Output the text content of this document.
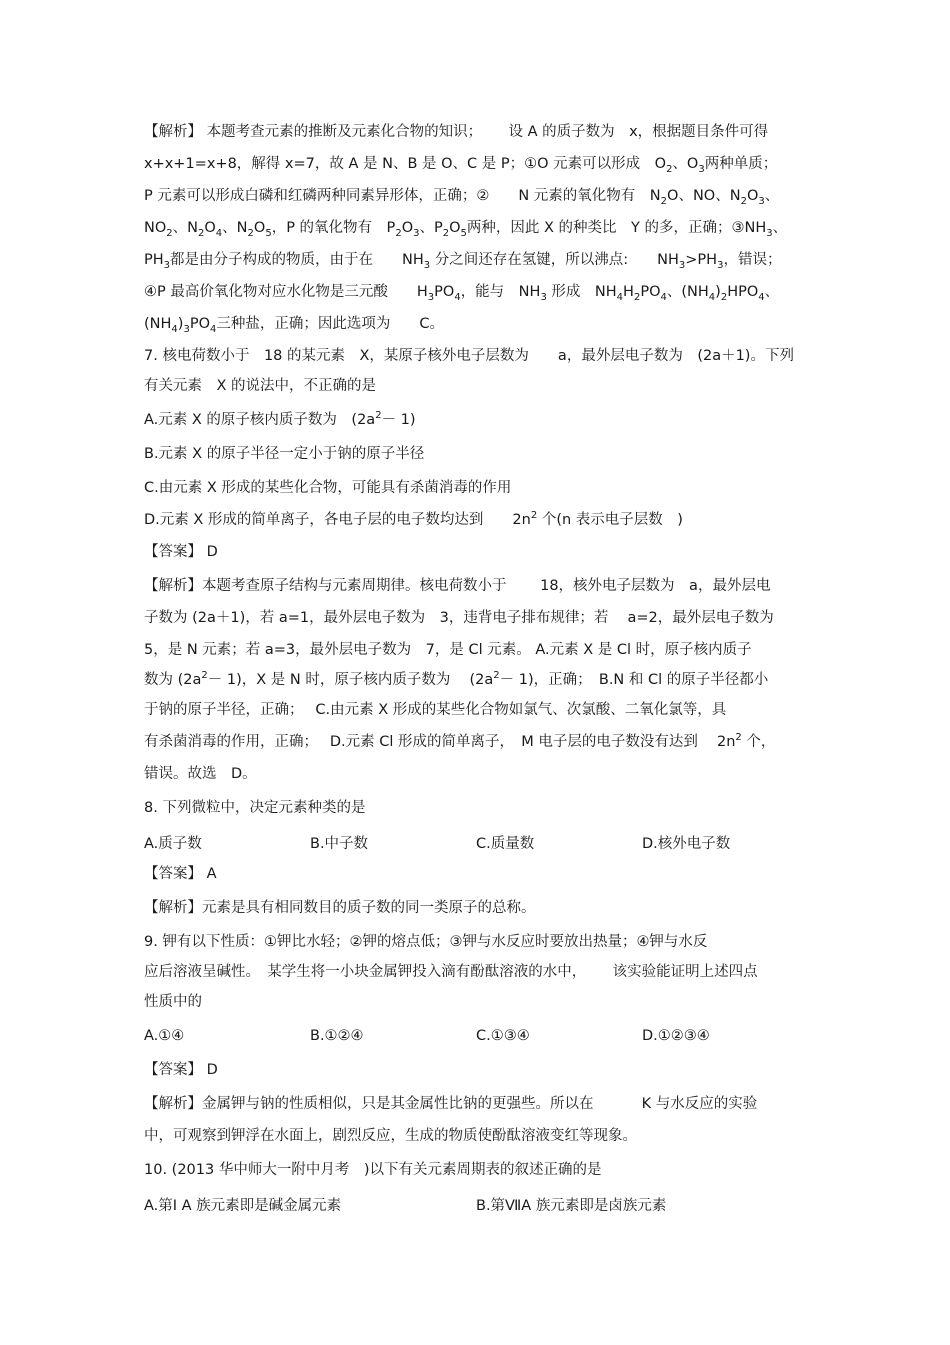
【解析】 本题考查元素的推断及元素化合物的知识；　　 设 A 的质子数为　x，根据题目条件可得
x+x+1=x+8，解得 x=7，故 A 是 N、B 是 O、C 是 P；①O 元素可以形成　$O_2$、$O_3$两种单质；
P 元素可以形成白磷和红磷两种同素异形体，正确；②　　N 元素的氧化物有　$N_2O$、NO、$N_2O_3$、
$NO_2$、$N_2O_4$、$N_2O_5$，P 的氧化物有　$P_2O_3$、$P_2O_5$两种，因此 X 的种类比　Y 的多，正确；$③NH_3$、
$PH_3$都是由分子构成的物质，由于在　　$NH_3$ 分之间还存在氢键，所以沸点:　　$NH_3>PH_3$，错误；
④P 最高价氧化物对应水化物是三元酸　　$H_3PO_4$，能与　$NH_3$ 形成　$NH_4H_2PO_4$、$(NH_4)_2HPO_4$、
$(NH_4)_3PO_4$三种盐，正确；因此选项为　　C。
7. 核电荷数小于　18 的某元素　X，某原子核外电子层数为　　a，最外层电子数为　(2a＋1)。下列
有关元素　X 的说法中，不正确的是
A.元素 X 的原子核内质子数为　$(2a^2- 1)$
B.元素 X 的原子半径一定小于钠的原子半径
C.由元素 X 形成的某些化合物，可能具有杀菌消毒的作用
D.元素 X 形成的简单离子，各电子层的电子数均达到　　$2n^2$ 个(n 表示电子层数　)
【答案】 D
【解析】本题考查原子结构与元素周期律。核电荷数小于　　 18，核外电子层数为　a，最外层电
子数为 (2a＋1)，若 a=1，最外层电子数为　3，违背电子排布规律；若　 a=2，最外层电子数为
5，是 N 元素；若 a=3，最外层电子数为　7，是 Cl 元素。 A.元素 X 是 Cl 时，原子核内质子
数为 $(2a^2- 1)$，X 是 N 时，原子核内质子数为　 $(2a^2- 1)$，正确；　B.N 和 Cl 的原子半径都小
于钠的原子半径，正确；　 C.由元素 X 形成的某些化合物如氯气、次氯酸、二氧化氯等，具
有杀菌消毒的作用，正确；　 D.元素 Cl 形成的简单离子，　M 电子层的电子数没有达到　 $2n^2$ 个，
错误。故选　D。
8. 下列微粒中，决定元素种类的是
【答案】 A
【解析】元素是具有相同数目的质子数的同一类原子的总称。
9. 钾有以下性质：①钾比水轻；②钾的熔点低；③钾与水反应时要放出热量；④钾与水反
应后溶液呈碱性。　某学生将一小块金属钾投入滴有酚酞溶液的水中，　　 该实验能证明上述四点
性质中的
【答案】 D
【解析】金属钾与钠的性质相似，只是其金属性比钠的更强些。所以在　　　 K 与水反应的实验
中，可观察到钾浮在水面上，剧烈反应，生成的物质使酚酞溶液变红等现象。
10. (2013 华中师大一附中月考　)以下有关元素周期表的叙述正确的是
A.质子数	B.中子数	C.质量数	D.核外电子数
A.①④	B.①②④	C.①③④	D.①②③④
A.第Ⅰ A 族元素即是碱金属元素	B.第ⅦA 族元素即是卤族元素
